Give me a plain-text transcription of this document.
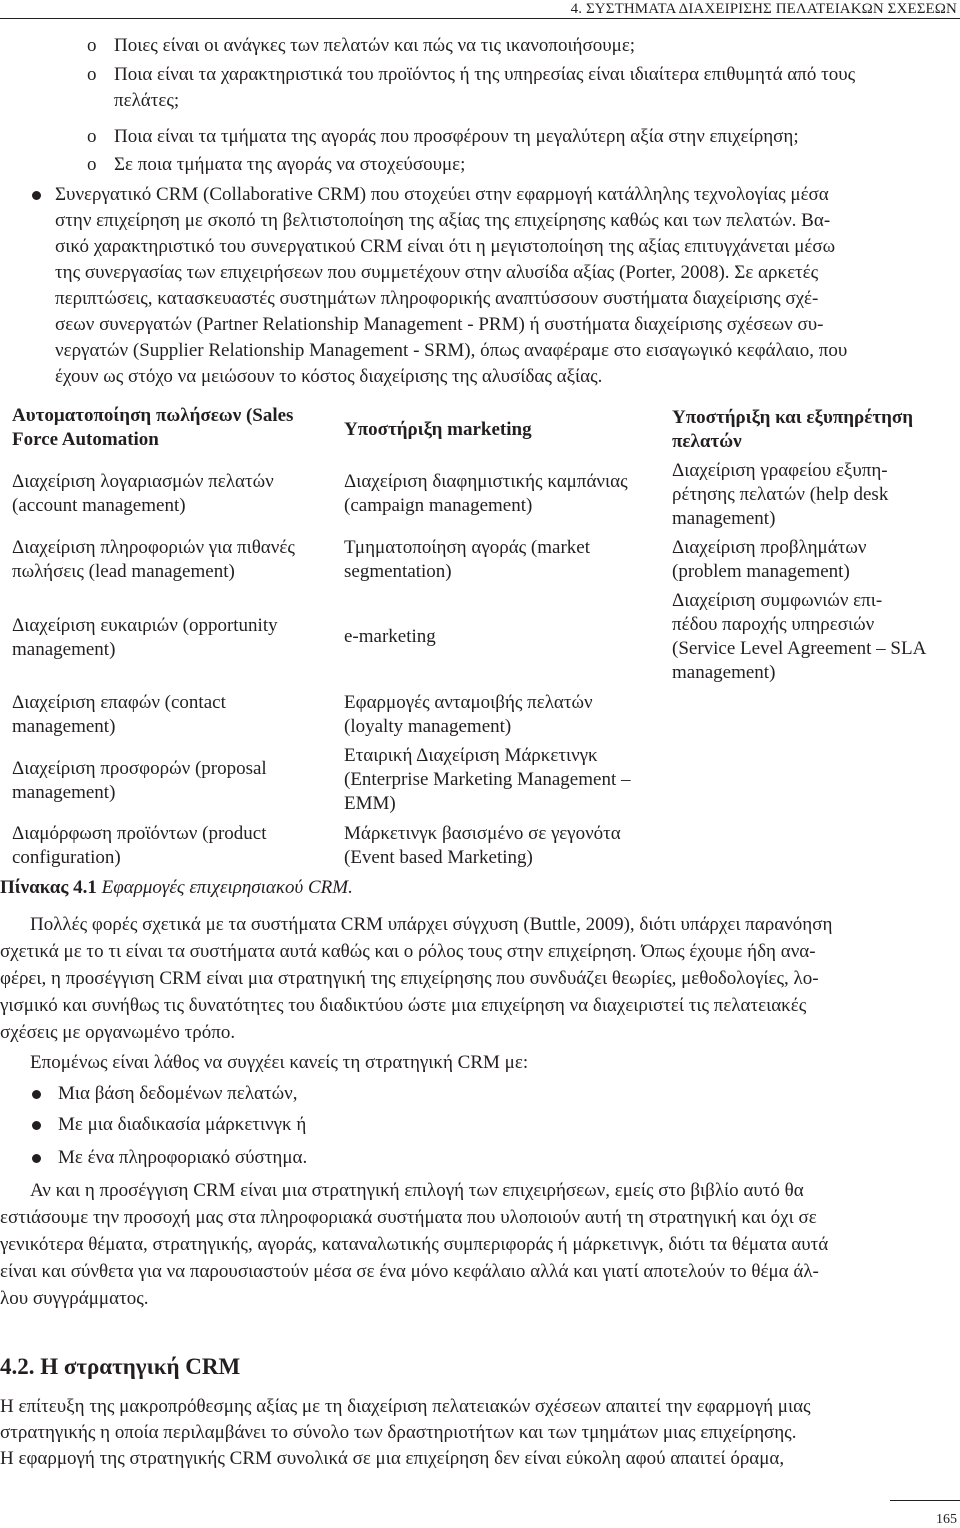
4. ΣΥΣΤΗΜΑΤΑ ΔΙΑΧΕΙΡΙΣΗΣ ΠΕΛΑΤΕΙΑΚΩΝ ΣΧΕΣΕΩΝ
o Ποιες είναι οι ανάγκες των πελατών και πώς να τις ικανοποιήσουμε;
o Ποια είναι τα χαρακτηριστικά του προϊόντος ή της υπηρεσίας είναι ιδιαίτερα επιθυμητά από τους
πελάτες;
o Ποια είναι τα τμήματα της αγοράς που προσφέρουν τη μεγαλύτερη αξία στην επιχείρηση;
o Σε ποια τμήματα της αγοράς να στοχεύσουμε;
Συνεργατικό CRM (Collaborative CRM) που στοχεύει στην εφαρμογή κατάλληλης τεχνολογίας μέσα
στην επιχείρηση με σκοπό τη βελτιστοποίηση της αξίας της επιχείρησης καθώς και των πελατών. Βα-
σικό χαρακτηριστικό του συνεργατικού CRM είναι ότι η μεγιστοποίηση της αξίας επιτυγχάνεται μέσω
της συνεργασίας των επιχειρήσεων που συμμετέχουν στην αλυσίδα αξίας (Porter, 2008). Σε αρκετές
περιπτώσεις, κατασκευαστές συστημάτων πληροφορικής αναπτύσσουν συστήματα διαχείρισης σχέ-
σεων συνεργατών (Partner Relationship Management - PRM) ή συστήματα διαχείρισης σχέσεων συ-
νεργατών (Supplier Relationship Management - SRM), όπως αναφέραμε στο εισαγωγικό κεφάλαιο, που
έχουν ως στόχο να μειώσουν το κόστος διαχείρισης της αλυσίδας αξίας.
Αυτοματοποίηση πωλήσεων (Sales
Force Automation
Διαχείριση λογαριασμών πελατών
(account management)
Διαχείριση πληροφοριών για πιθανές
πωλήσεις (lead management)
Διαχείριση ευκαιριών (opportunity
management)
Διαχείριση επαφών (contact
management)
Διαχείριση προσφορών (proposal
management)
Διαμόρφωση προϊόντων (product
configuration)
Υποστήριξη marketing
Διαχείριση διαφημιστικής καμπάνιας
(campaign management)
Τμηματοποίηση αγοράς (market
segmentation)
e-marketing
Εφαρμογές ανταμοιβής πελατών
(loyalty management)
Εταιρική Διαχείριση Μάρκετινγκ
(Enterprise Marketing Management –
EMM)
Μάρκετινγκ βασισμένο σε γεγονότα
(Event based Marketing)
Υποστήριξη και εξυπηρέτηση
πελατών
Διαχείριση γραφείου εξυπη-
ρέτησης πελατών (help desk
management)
Διαχείριση προβλημάτων
(problem management)
Διαχείριση συμφωνιών επι-
πέδου παροχής υπηρεσιών
(Service Level Agreement – SLA
management)
Πίνακας 4.1 Εφαρμογές επιχειρησιακού CRM.
Πολλές φορές σχετικά με τα συστήματα CRM υπάρχει σύγχυση (Buttle, 2009), διότι υπάρχει παρανόηση
σχετικά με το τι είναι τα συστήματα αυτά καθώς και ο ρόλος τους στην επιχείρηση. Όπως έχουμε ήδη ανα-
φέρει, η προσέγγιση CRM είναι μια στρατηγική της επιχείρησης που συνδυάζει θεωρίες, μεθοδολογίες, λο-
γισμικό και συνήθως τις δυνατότητες του διαδικτύου ώστε μια επιχείρηση να διαχειριστεί τις πελατειακές
σχέσεις με οργανωμένο τρόπο.
Επομένως είναι λάθος να συγχέει κανείς τη στρατηγική CRM με:
Μια βάση δεδομένων πελατών,
Με μια διαδικασία μάρκετινγκ ή
Με ένα πληροφοριακό σύστημα.
Αν και η προσέγγιση CRM είναι μια στρατηγική επιλογή των επιχειρήσεων, εμείς στο βιβλίο αυτό θα
εστιάσουμε την προσοχή μας στα πληροφοριακά συστήματα που υλοποιούν αυτή τη στρατηγική και όχι σε
γενικότερα θέματα, στρατηγικής, αγοράς, καταναλωτικής συμπεριφοράς ή μάρκετινγκ, διότι τα θέματα αυτά
είναι και σύνθετα για να παρουσιαστούν μέσα σε ένα μόνο κεφάλαιο αλλά και γιατί αποτελούν το θέμα άλ-
λου συγγράμματος.
4.2. Η στρατηγική CRM
Η επίτευξη της μακροπρόθεσμης αξίας με τη διαχείριση πελατειακών σχέσεων απαιτεί την εφαρμογή μιας
στρατηγικής η οποία περιλαμβάνει το σύνολο των δραστηριοτήτων και των τμημάτων μιας επιχείρησης.
Η εφαρμογή της στρατηγικής CRM συνολικά σε μια επιχείρηση δεν είναι εύκολη αφού απαιτεί όραμα,
165
